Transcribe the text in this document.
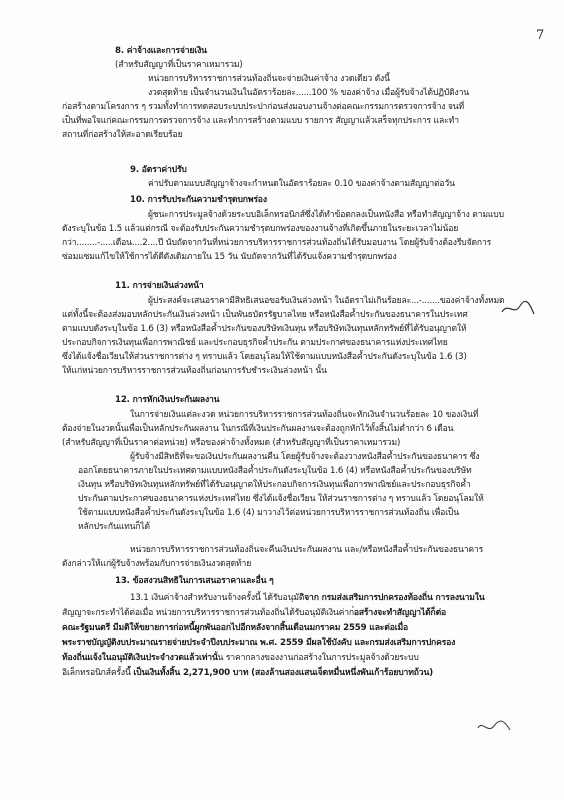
7
8. ค่าจ้างและการจ่ายเงิน
(สำหรับสัญญาที่เป็นราคาเหมารวม)
หน่วยการบริหารราชการส่วนท้องถิ่นจะจ่ายเงินค่าจ้าง งวดเดียว ดังนี้
งวดสุดท้าย เป็นจำนวนเงินในอัตราร้อยละ......100 % ของค่าจ้าง เมื่อผู้รับจ้างได้ปฏิบัติงาน
ก่อสร้างตามโครงการ ๆ รวมทั้งทำการทดสอบระบบประปาก่อนส่งมอบงานจ้างต่อคณะกรรมการตรวจการจ้าง จนที่
เป็นที่พอใจแก่คณะกรรมการตรวจการจ้าง และทำการสร้างตามแบบ รายการ สัญญาแล้วเสร็จทุกประการ และทำ
สถานที่ก่อสร้างให้สะอาดเรียบร้อย
9. อัตราค่าปรับ
ค่าปรับตามแบบสัญญาจ้างจะกำหนดในอัตราร้อยละ 0.10 ของค่าจ้างตามสัญญาต่อวัน
10. การรับประกันความชำรุดบกพร่อง
ผู้ชนะการประมูลจ้างด้วยระบบอิเล็กทรอนิกส์ซึ่งได้ทำข้อตกลงเป็นหนังสือ หรือทำสัญญาจ้าง ตามแบบ
ดังระบุในข้อ 1.5 แล้วแต่กรณี จะต้องรับประกันความชำรุดบกพร่องของงานจ้างที่เกิดขึ้นภายในระยะเวลาไม่น้อย
กว่า........-.....เดือน....2....ปี นับถัดจากวันที่หน่วยการบริหารราชการส่วนท้องถิ่นได้รับมอบงาน โดยผู้รับจ้างต้องรีบจัดการ
ซ่อมแซมแก้ไขให้ใช้การได้ดีดังเดิมภายใน 15 วัน นับถัดจากวันที่ได้รับแจ้งความชำรุดบกพร่อง
11. การจ่ายเงินล่วงหน้า
ผู้ประสงค์จะเสนอราคามีสิทธิเสนอขอรับเงินล่วงหน้า ในอัตราไม่เกินร้อยละ...-.......ของค่าจ้างทั้งหมด
แต่ทั้งนี้จะต้องส่งมอบหลักประกันเงินล่วงหน้า เป็นพันธบัตรรัฐบาลไทย หรือหนังสือค้ำประกันของธนาคารในประเทศ
ตามแบบดังระบุในข้อ 1.6 (3) หรือหนังสือค้ำประกันของบริษัทเงินทุน หรือบริษัทเงินทุนหลักทรัพย์ที่ได้รับอนุญาตให้
ประกอบกิจการเงินทุนเพื่อการพาณิชย์ และประกอบธุรกิจค้ำประกัน ตามประกาศของธนาคารแห่งประเทศไทย
ซึ่งได้แจ้งชื่อเวียนให้ส่วนราชการต่าง ๆ ทราบแล้ว โดยอนุโลมให้ใช้ตามแบบหนังสือค้ำประกันดังระบุในข้อ 1.6 (3)
ให้แก่หน่วยการบริหารราชการส่วนท้องถิ่นก่อนการรับชำระเงินล่วงหน้า นั้น
12. การหักเงินประกันผลงาน
ในการจ่ายเงินแต่ละงวด หน่วยการบริหารราชการส่วนท้องถิ่นจะหักเงินจำนวนร้อยละ 10 ของเงินที่
ต้องจ่ายในงวดนั้นเพื่อเป็นหลักประกันผลงาน ในกรณีที่เงินประกันผลงานจะต้องถูกหักไว้ทั้งสิ้นไม่ต่ำกว่า 6 เดือน
(สำหรับสัญญาที่เป็นราคาต่อหน่วย) หรือของค่าจ้างทั้งหมด (สำหรับสัญญาที่เป็นราคาเหมารวม)
ผู้รับจ้างมีสิทธิที่จะขอเงินประกันผลงานคืน โดยผู้รับจ้างจะต้องวางหนังสือค้ำประกันของธนาคาร ซึ่ง
ออกโดยธนาคารภายในประเทศตามแบบหนังสือค้ำประกันดังระบุในข้อ 1.6 (4) หรือหนังสือค้ำประกันของบริษัท
เงินทุน หรือบริษัทเงินทุนหลักทรัพย์ที่ได้รับอนุญาตให้ประกอบกิจการเงินทุนเพื่อการพาณิชย์และประกอบธุรกิจค้ำ
ประกันตามประกาศของธนาคารแห่งประเทศไทย ซึ่งได้แจ้งชื่อเวียน ให้ส่วนราชการต่าง ๆ ทราบแล้ว โดยอนุโลมให้
ใช้ตามแบบหนังสือค้ำประกันดังระบุในข้อ 1.6 (4) มาวางไว้ต่อหน่วยการบริหารราชการส่วนท้องถิ่น เพื่อเป็น
หลักประกันแทนก็ได้
หน่วยการบริหารราชการส่วนท้องถิ่นจะคืนเงินประกันผลงาน และ/หรือหนังสือค้ำประกันของธนาคาร
ดังกล่าวให้แก่ผู้รับจ้างพร้อมกับการจ่ายเงินงวดสุดท้าย
13. ข้อสงวนสิทธิในการเสนอราคาและอื่น ๆ
13.1 เงินค่าจ้างสำหรับงานจ้างครั้งนี้ ได้รับอนุมัติจาก กรมส่งเสริมการปกครองท้องถิ่น การลงนามใน
สัญญาจะกระทำได้ต่อเมื่อ หน่วยการบริหารราชการส่วนท้องถิ่นได้รับอนุมัติเงินค่าก่อสร้างจะทำสัญญาได้ก็ต่อ
คณะรัฐมนตรี มีมติให้ขยายการก่อหนี้ผูกพันออกไปอีกหลังจากสิ้นเดือนมกราคม 2559 และต่อเมื่อ
พระราชบัญญัติงบประมาณรายจ่ายประจำปีงบประมาณ พ.ศ. 2559 มีผลใช้บังคับ และกรมส่งเสริมการปกครอง
ท้องถิ่นแจ้งในอนุมัติเงินประจำงวดแล้วเท่านั้น ราคากลางของงานก่อสร้างในการประมูลจ้างด้วยระบบ
อิเล็กทรอนิกส์ครั้งนี้ เป็นเงินทั้งสิ้น 2,271,900 บาท (สองล้านสองแสนเจ็ดหมื่นหนึ่งพันเก้าร้อยบาทถ้วน)
